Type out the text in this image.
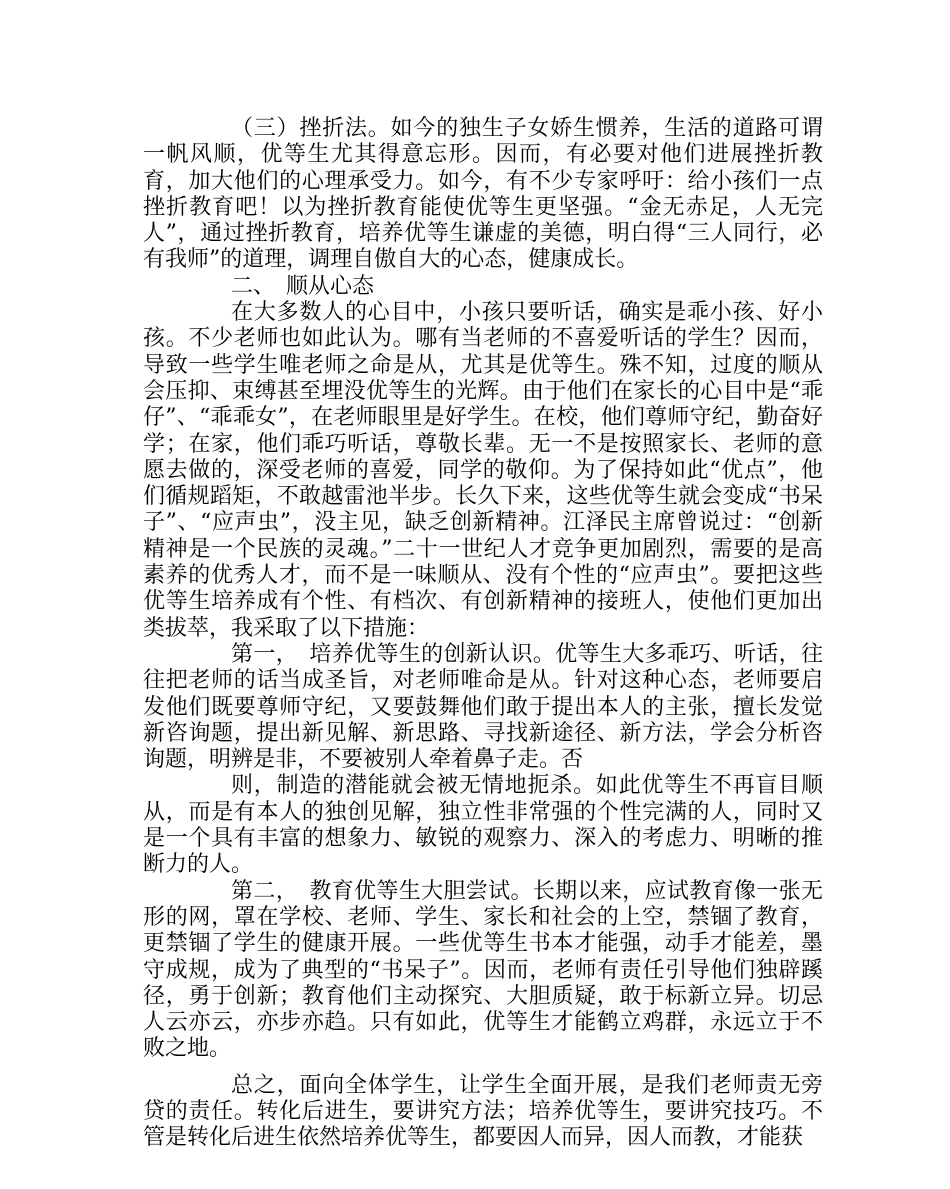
（三）挫折法。如今的独生子女娇生惯养，生活的道路可谓一帆风顺，优等生尤其得意忘形。因而，有必要对他们进展挫折教育，加大他们的心理承受力。如今，有不少专家呼吁：给小孩们一点挫折教育吧！以为挫折教育能使优等生更坚强。“金无赤足，人无完人”，通过挫折教育，培养优等生谦虚的美德，明白得“三人同行，必有我师”的道理，调理自傲自大的心态，健康成长。

二、　顺从心态

在大多数人的心目中，小孩只要听话，确实是乖小孩、好小孩。不少老师也如此认为。哪有当老师的不喜爱听话的学生？因而，导致一些学生唯老师之命是从，尤其是优等生。殊不知，过度的顺从会压抑、束缚甚至埋没优等生的光辉。由于他们在家长的心目中是“乖仔”、“乖乖女”，在老师眼里是好学生。在校，他们尊师守纪，勤奋好学；在家，他们乖巧听话，尊敬长辈。无一不是按照家长、老师的意愿去做的，深受老师的喜爱，同学的敬仰。为了保持如此“优点”，他们循规蹈矩，不敢越雷池半步。长久下来，这些优等生就会变成“书呆子”、“应声虫”，没主见，缺乏创新精神。江泽民主席曾说过：“创新精神是一个民族的灵魂。”二十一世纪人才竞争更加剧烈，需要的是高素养的优秀人才，而不是一味顺从、没有个性的“应声虫”。要把这些优等生培养成有个性、有档次、有创新精神的接班人，使他们更加出类拔萃，我采取了以下措施：

第一，　培养优等生的创新认识。优等生大多乖巧、听话，往往把老师的话当成圣旨，对老师唯命是从。针对这种心态，老师要启发他们既要尊师守纪，又要鼓舞他们敢于提出本人的主张，擅长发觉新咨询题，提出新见解、新思路、寻找新途径、新方法，学会分析咨询题，明辨是非，不要被别人牵着鼻子走。否

则，制造的潜能就会被无情地扼杀。如此优等生不再盲目顺从，而是有本人的独创见解，独立性非常强的个性完满的人，同时又是一个具有丰富的想象力、敏锐的观察力、深入的考虑力、明晰的推断力的人。

第二，　教育优等生大胆尝试。长期以来，应试教育像一张无形的网，罩在学校、老师、学生、家长和社会的上空，禁锢了教育，更禁锢了学生的健康开展。一些优等生书本才能强，动手才能差，墨守成规，成为了典型的“书呆子”。因而，老师有责任引导他们独辟蹊径，勇于创新；教育他们主动探究、大胆质疑，敢于标新立异。切忌人云亦云，亦步亦趋。只有如此，优等生才能鹤立鸡群，永远立于不败之地。

总之，面向全体学生，让学生全面开展，是我们老师责无旁贷的责任。转化后进生，要讲究方法；培养优等生，要讲究技巧。不管是转化后进生依然培养优等生，都要因人而异，因人而教，才能获
